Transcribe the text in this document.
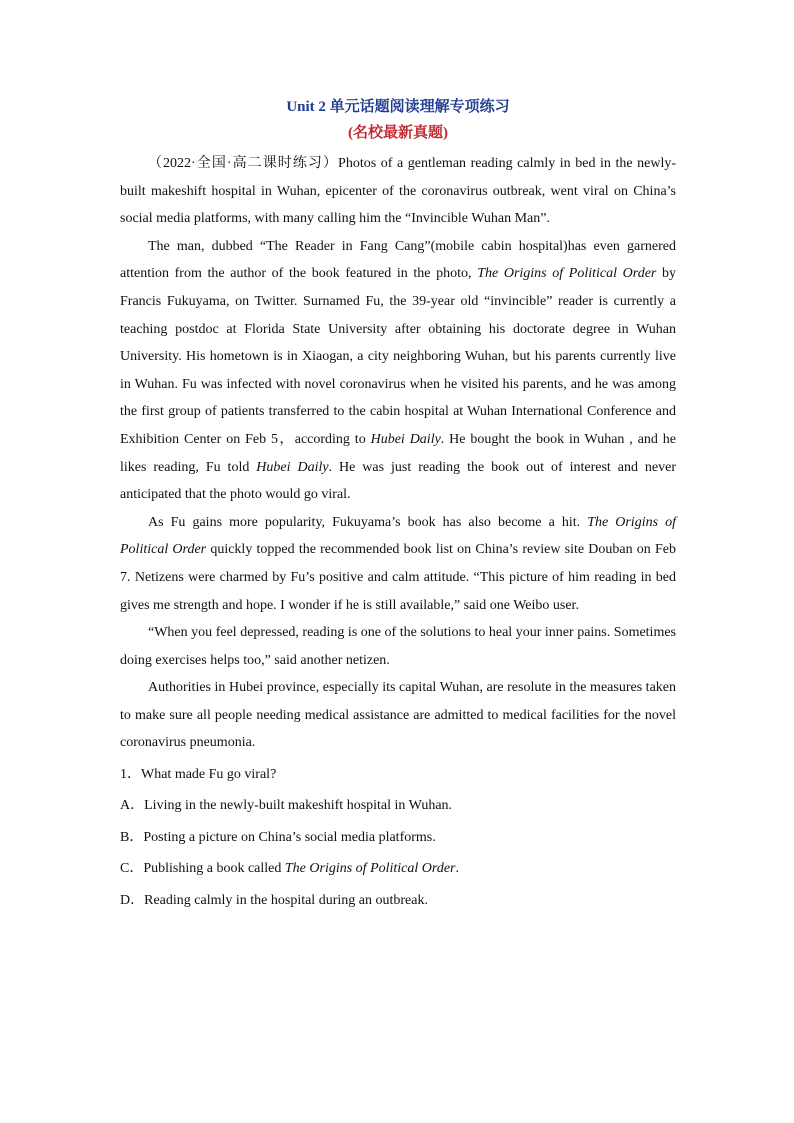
Unit 2 单元话题阅读理解专项练习
(名校最新真题)

（2022·全国·高二课时练习）Photos of a gentleman reading calmly in bed in the newly-built makeshift hospital in Wuhan, epicenter of the coronavirus outbreak, went viral on China’s social media platforms, with many calling him the “Invincible Wuhan Man”.

The man, dubbed “The Reader in Fang Cang”(mobile cabin hospital)has even garnered attention from the author of the book featured in the photo, The Origins of Political Order by Francis Fukuyama, on Twitter. Surnamed Fu, the 39-year old “invincible” reader is currently a teaching postdoc at Florida State University after obtaining his doctorate degree in Wuhan University. His hometown is in Xiaogan, a city neighboring Wuhan, but his parents currently live in Wuhan. Fu was infected with novel coronavirus when he visited his parents, and he was among the first group of patients transferred to the cabin hospital at Wuhan International Conference and Exhibition Center on Feb 5，according to Hubei Daily. He bought the book in Wuhan , and he likes reading, Fu told Hubei Daily. He was just reading the book out of interest and never anticipated that the photo would go viral.

As Fu gains more popularity, Fukuyama’s book has also become a hit. The Origins of Political Order quickly topped the recommended book list on China’s review site Douban on Feb 7. Netizens were charmed by Fu’s positive and calm attitude. “This picture of him reading in bed gives me strength and hope. I wonder if he is still available,” said one Weibo user.

“When you feel depressed, reading is one of the solutions to heal your inner pains. Sometimes doing exercises helps too,” said another netizen.

Authorities in Hubei province, especially its capital Wuhan, are resolute in the measures taken to make sure all people needing medical assistance are admitted to medical facilities for the novel coronavirus pneumonia.

1．What made Fu go viral?
A．Living in the newly-built makeshift hospital in Wuhan.
B．Posting a picture on China’s social media platforms.
C．Publishing a book called The Origins of Political Order.
D．Reading calmly in the hospital during an outbreak.
